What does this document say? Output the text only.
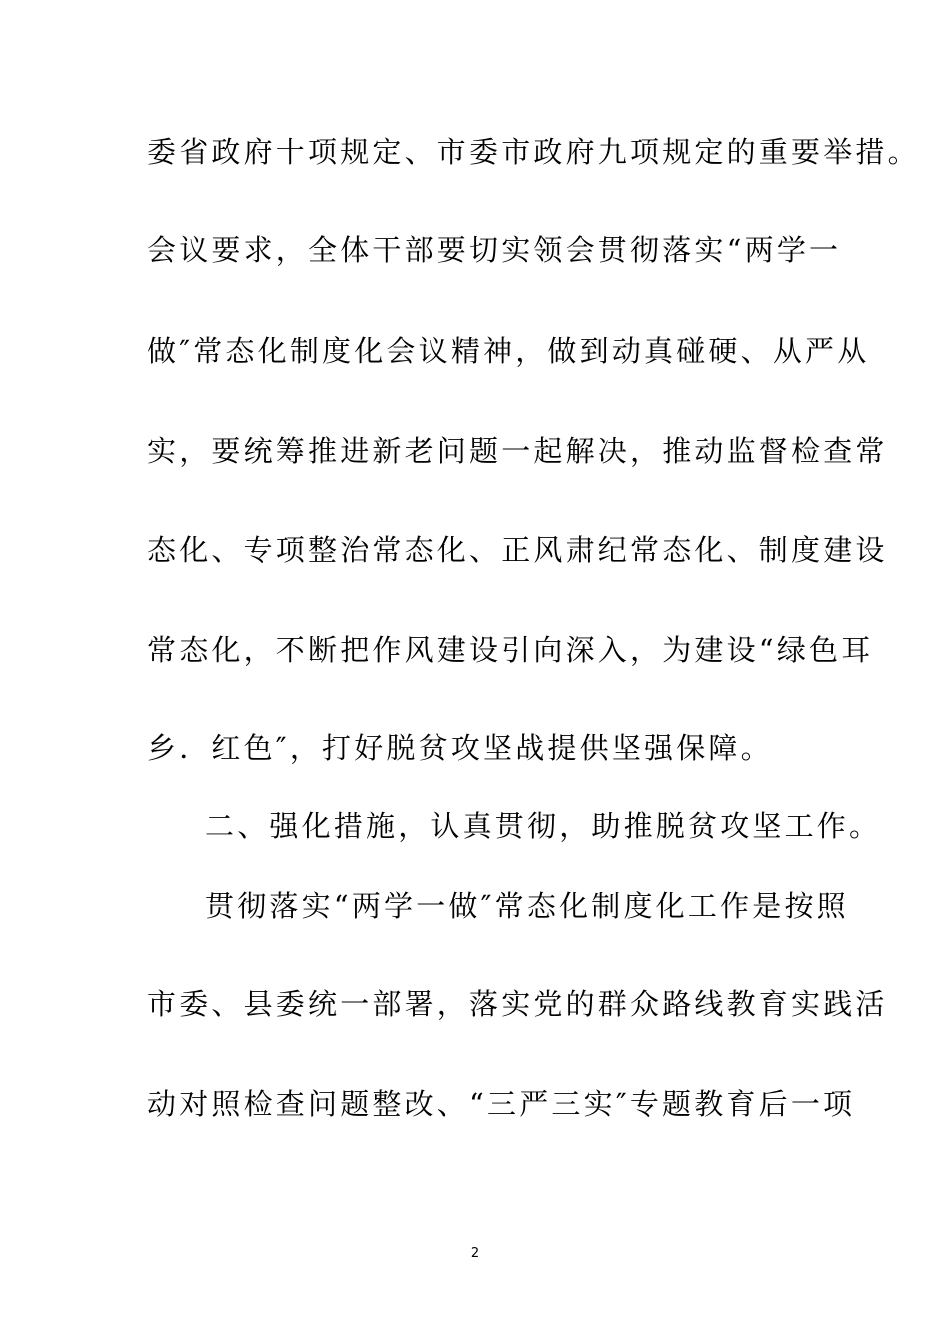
委省政府十项规定、市委市政府九项规定的重要举措。
会议要求，全体干部要切实领会贯彻落实“两学一
做″常态化制度化会议精神，做到动真碰硬、从严从
实，要统筹推进新老问题一起解决，推动监督检查常
态化、专项整治常态化、正风肃纪常态化、制度建设
常态化，不断把作风建设引向深入，为建设“绿色耳
乡．红色″，打好脱贫攻坚战提供坚强保障。
二、强化措施，认真贯彻，助推脱贫攻坚工作。
贯彻落实“两学一做″常态化制度化工作是按照
市委、县委统一部署，落实党的群众路线教育实践活
动对照检查问题整改、“三严三实″专题教育后一项
2
